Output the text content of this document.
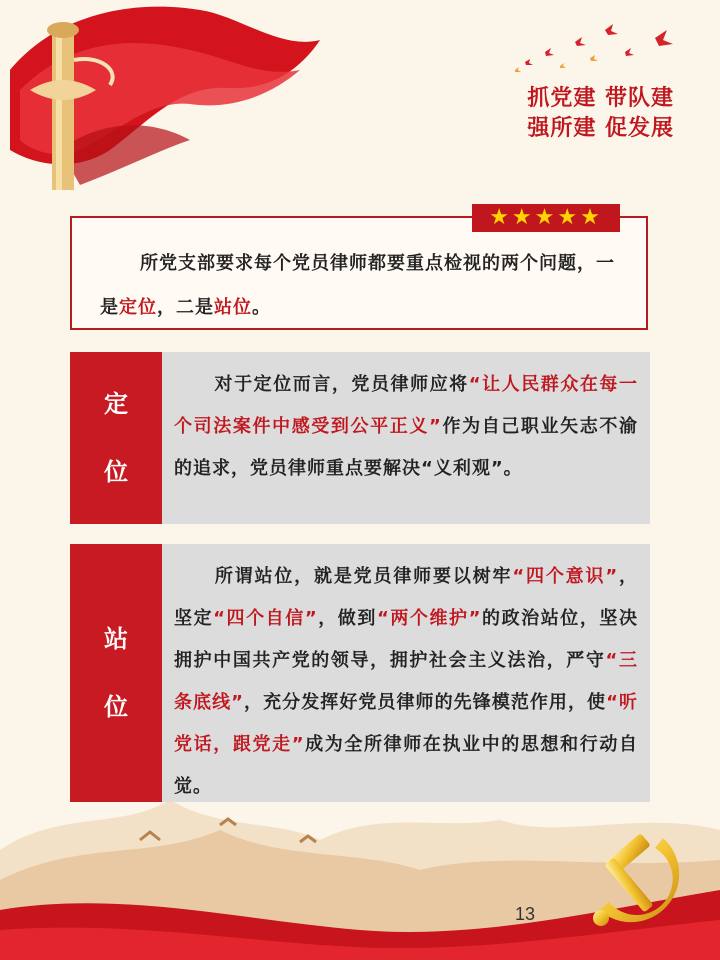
抓党建 带队建
强所建 促发展
★★★★★
所党支部要求每个党员律师都要重点检视的两个问题，一是定位，二是站位。
定

位
对于定位而言，党员律师应将“让人民群众在每一个司法案件中感受到公平正义”作为自己职业矢志不渝的追求，党员律师重点要解决“义利观”。
站

位
所谓站位，就是党员律师要以树牢“四个意识”，坚定“四个自信”，做到“两个维护”的政治站位，坚决拥护中国共产党的领导，拥护社会主义法治，严守“三条底线”，充分发挥好党员律师的先锋模范作用，使“听党话，跟党走”成为全所律师在执业中的思想和行动自觉。
13
